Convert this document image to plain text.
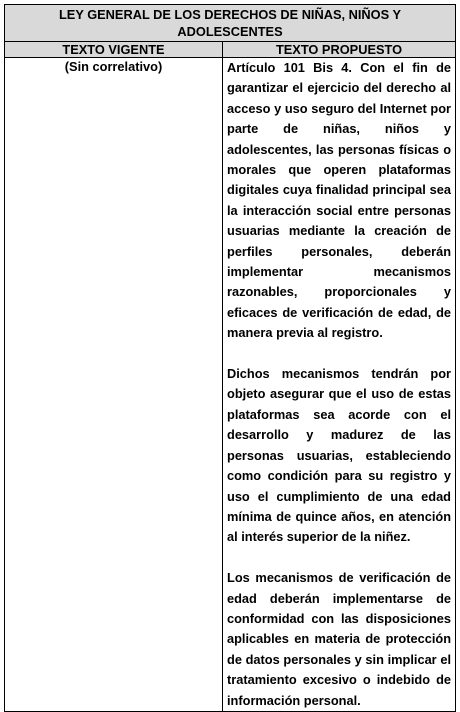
LEY GENERAL DE LOS DERECHOS DE NIÑAS, NIÑOS Y ADOLESCENTES	
TEXTO VIGENTE	TEXTO PROPUESTO
(Sin correlativo)	Artículo 101 Bis 4. Con el fin de garantizar el ejercicio del derecho al acceso y uso seguro del Internet por parte de niñas, niños y adolescentes, las personas físicas o morales que operen plataformas digitales cuya finalidad principal sea la interacción social entre personas usuarias mediante la creación de perfiles personales, deberán implementar mecanismos razonables, proporcionales y eficaces de verificación de edad, de manera previa al registro.

Dichos mecanismos tendrán por objeto asegurar que el uso de estas plataformas sea acorde con el desarrollo y madurez de las personas usuarias, estableciendo como condición para su registro y uso el cumplimiento de una edad mínima de quince años, en atención al interés superior de la niñez.

Los mecanismos de verificación de edad deberán implementarse de conformidad con las disposiciones aplicables en materia de protección de datos personales y sin implicar el tratamiento excesivo o indebido de información personal.
